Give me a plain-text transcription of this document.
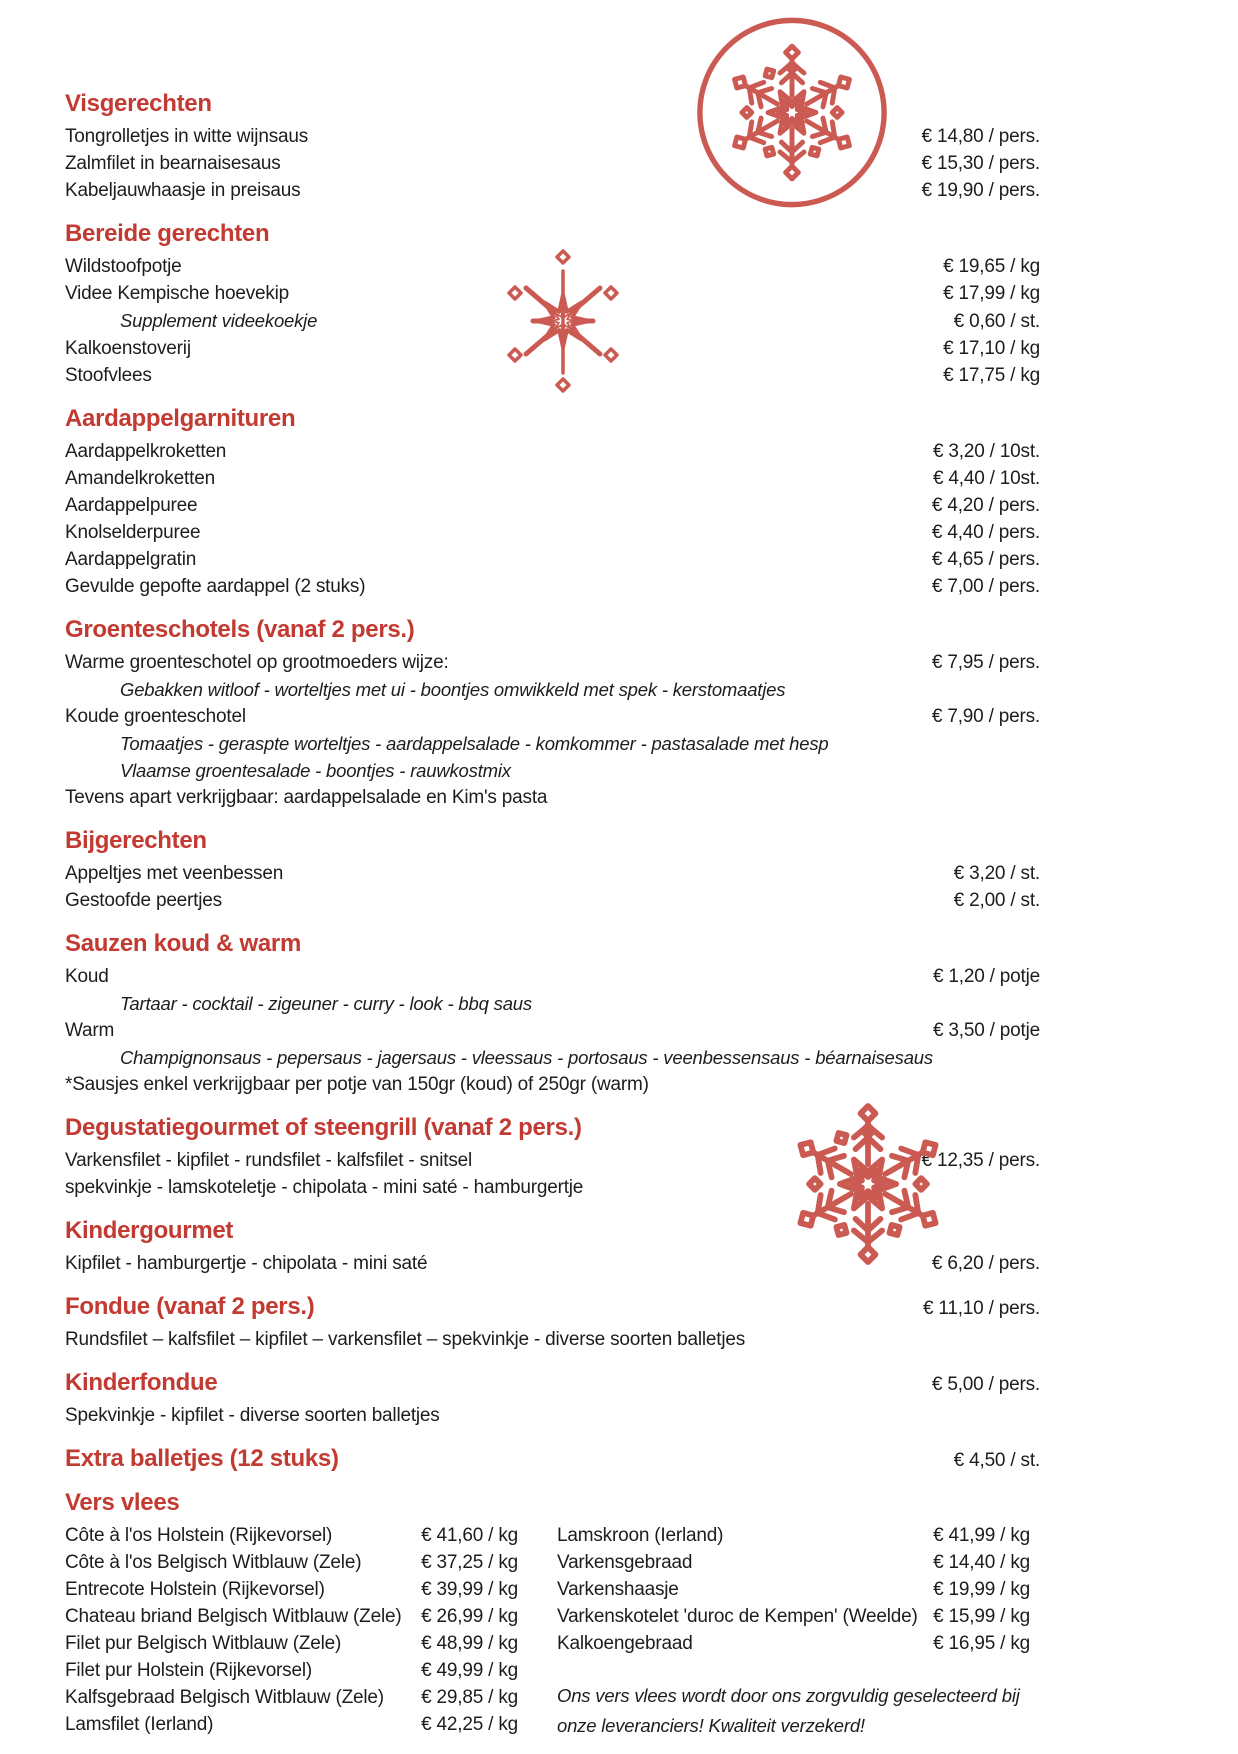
Visgerechten
Tongrolletjes in witte wijnsaus	€ 14,80 / pers.
Zalmfilet in bearnaisesaus	€ 15,30 / pers.
Kabeljauwhaasje in preisaus	€ 19,90 / pers.
Bereide gerechten
Wildstoofpotje	€ 19,65 / kg
Videe Kempische hoevekip	€ 17,99 / kg
Supplement videekoekje	€ 0,60 / st.
Kalkoenstoverij	€ 17,10 / kg
Stoofvlees	€ 17,75 / kg
Aardappelgarnituren
Aardappelkroketten	€ 3,20 / 10st.
Amandelkroketten	€ 4,40 / 10st.
Aardappelpuree	€ 4,20 / pers.
Knolselderpuree	€ 4,40 / pers.
Aardappelgratin	€ 4,65 / pers.
Gevulde gepofte aardappel (2 stuks)	€ 7,00 / pers.
Groenteschotels (vanaf 2 pers.)
Warme groenteschotel op grootmoeders wijze:	€ 7,95 / pers.
Gebakken witloof - worteltjes met ui - boontjes omwikkeld met spek - kerstomaatjes
Koude groenteschotel	€ 7,90 / pers.
Tomaatjes - geraspte worteltjes - aardappelsalade - komkommer - pastasalade met hesp
Vlaamse groentesalade - boontjes - rauwkostmix
Tevens apart verkrijgbaar: aardappelsalade en Kim's pasta
Bijgerechten
Appeltjes met veenbessen	€ 3,20 / st.
Gestoofde peertjes	€ 2,00 / st.
Sauzen koud & warm
Koud	€ 1,20 / potje
Tartaar - cocktail - zigeuner - curry - look - bbq saus
Warm	€ 3,50 / potje
Champignonsaus - pepersaus - jagersaus - vleessaus - portosaus - veenbessensaus - béarnaisesaus
*Sausjes enkel verkrijgbaar per potje van 150gr (koud) of 250gr (warm)
Degustatiegourmet of steengrill (vanaf 2 pers.)
Varkensfilet - kipfilet - rundsfilet - kalfsfilet - snitsel	€ 12,35 / pers.
spekvinkje - lamskoteletje - chipolata - mini saté - hamburgertje
Kindergourmet
Kipfilet - hamburgertje - chipolata - mini saté	€ 6,20 / pers.
Fondue (vanaf 2 pers.)	€ 11,10 / pers.
Rundsfilet – kalfsfilet – kipfilet – varkensfilet – spekvinkje - diverse soorten balletjes
Kinderfondue	€ 5,00 / pers.
Spekvinkje - kipfilet - diverse soorten balletjes
Extra balletjes (12 stuks)	€ 4,50 / st.
Vers vlees
Côte à l'os Holstein (Rijkevorsel)	€ 41,60 / kg
Côte à l'os Belgisch Witblauw (Zele)	€ 37,25 / kg
Entrecote Holstein (Rijkevorsel)	€ 39,99 / kg
Chateau briand Belgisch Witblauw (Zele)	€ 26,99 / kg
Filet pur Belgisch Witblauw (Zele)	€ 48,99 / kg
Filet pur Holstein (Rijkevorsel)	€ 49,99 / kg
Kalfsgebraad Belgisch Witblauw (Zele)	€ 29,85 / kg
Lamsfilet (Ierland)	€ 42,25 / kg
Lamskroon (Ierland)	€ 41,99 / kg
Varkensgebraad	€ 14,40 / kg
Varkenshaasje	€ 19,99 / kg
Varkenskotelet 'duroc de Kempen' (Weelde) € 15,99 / kg
Kalkoengebraad	€ 16,95 / kg

Ons vers vlees wordt door ons zorgvuldig geselecteerd bij onze leveranciers! Kwaliteit verzekerd!
